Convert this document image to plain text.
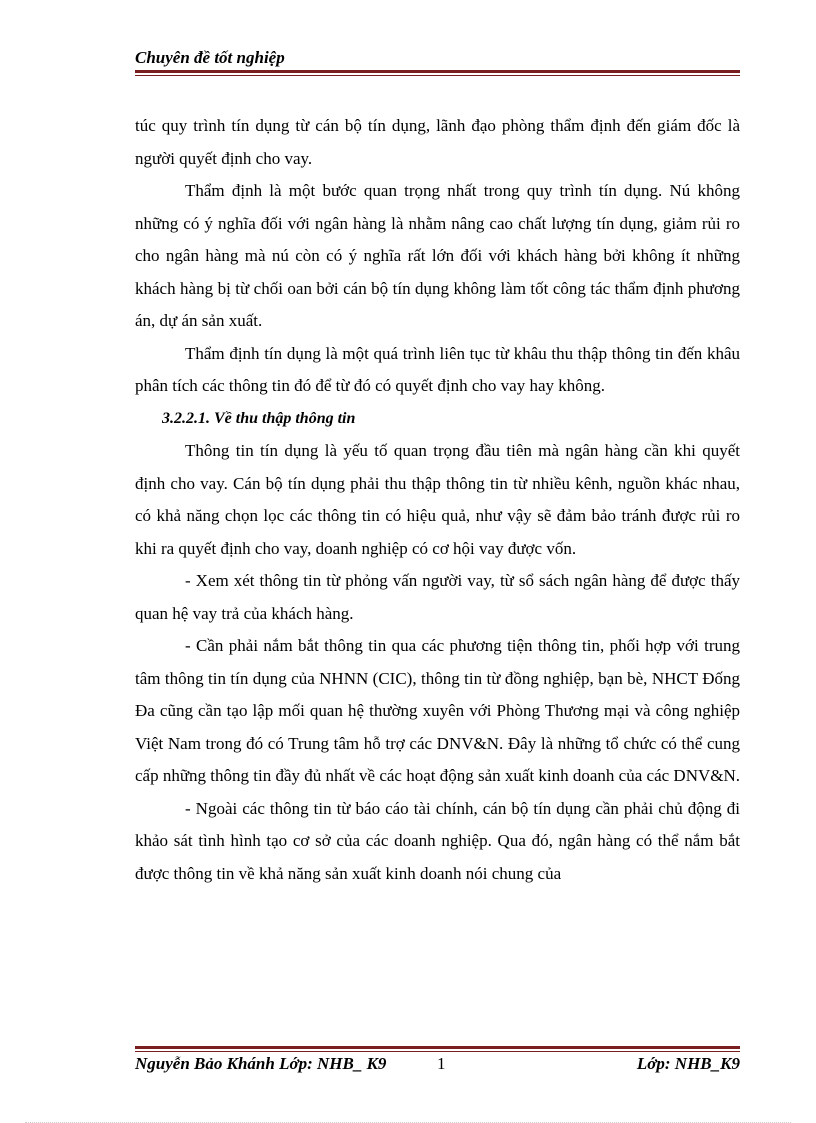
Chuyên đề tốt nghiệp

túc quy trình tín dụng từ cán bộ tín dụng, lãnh đạo phòng thẩm định đến giám đốc là người quyết định cho vay.

Thẩm định là một bước quan trọng nhất trong quy trình tín dụng. Nú không những có ý nghĩa đối với ngân hàng là nhằm nâng cao chất lượng tín dụng, giảm rủi ro cho ngân hàng mà nú còn có ý nghĩa rất lớn đối với khách hàng bởi không ít những khách hàng bị từ chối oan bởi cán bộ tín dụng không làm tốt công tác thẩm định phương án, dự án sản xuất.

Thẩm định tín dụng là một quá trình liên tục từ khâu thu thập thông tin đến khâu phân tích các thông tin đó để từ đó có quyết định cho vay hay không.

3.2.2.1. Về thu thập thông tin

Thông tin tín dụng là yếu tố quan trọng đầu tiên mà ngân hàng cần khi quyết định cho vay. Cán bộ tín dụng phải thu thập thông tin từ nhiều kênh, nguồn khác nhau, có khả năng chọn lọc các thông tin có hiệu quả, như vậy sẽ đảm bảo tránh được rủi ro khi ra quyết định cho vay, doanh nghiệp có cơ hội vay được vốn.

- Xem xét thông tin từ phỏng vấn người vay, từ sổ sách ngân hàng để được thấy quan hệ vay trả của khách hàng.

- Cần phải nắm bắt thông tin qua các phương tiện thông tin, phối hợp với trung tâm thông tin tín dụng của NHNN (CIC), thông tin từ đồng nghiệp, bạn bè, NHCT Đống Đa cũng cần tạo lập mối quan hệ thường xuyên với Phòng Thương mại và công nghiệp Việt Nam trong đó có Trung tâm hỗ trợ các DNV&N. Đây là những tổ chức có thể cung cấp những thông tin đầy đủ nhất về các hoạt động sản xuất kinh doanh của các DNV&N.

- Ngoài các thông tin từ báo cáo tài chính, cán bộ tín dụng cần phải chủ động đi khảo sát tình hình tạo cơ sở của các doanh nghiệp. Qua đó, ngân hàng có thể nắm bắt được thông tin về khả năng sản xuất kinh doanh nói chung của

Nguyễn Bảo Khánh Lớp: NHB_ K9	1	Lớp: NHB_K9
